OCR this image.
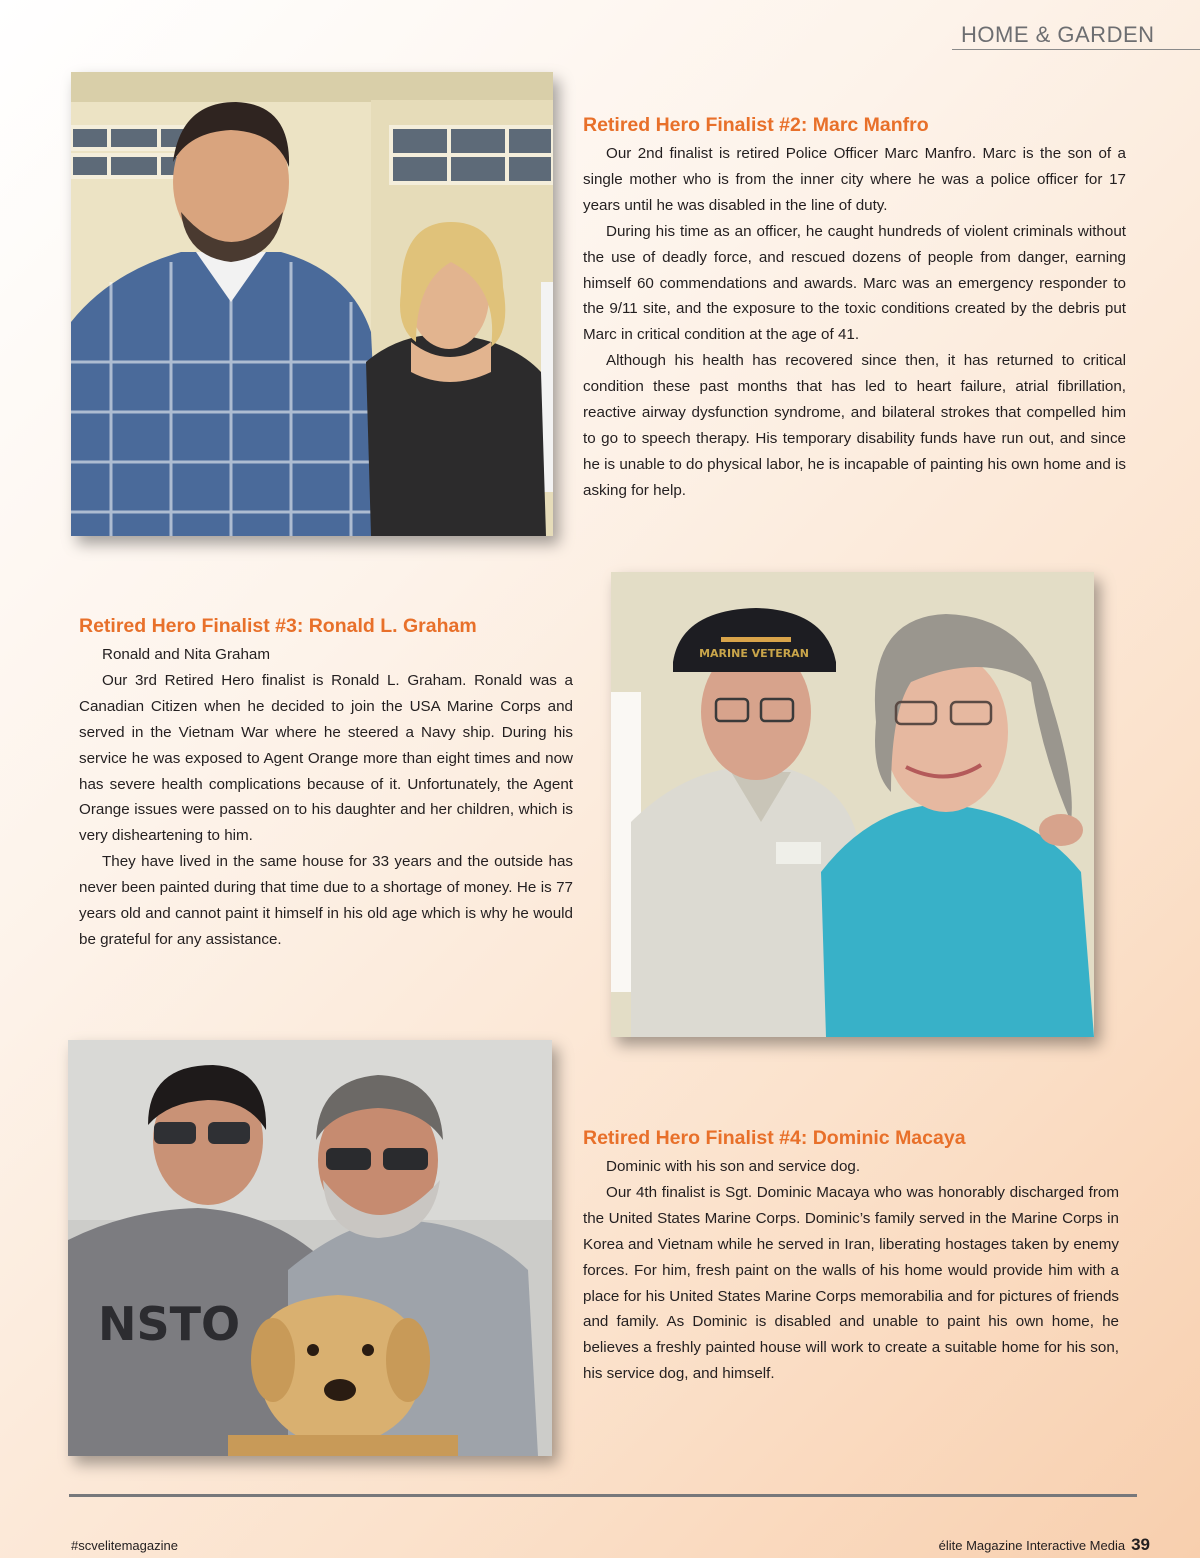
HOME & GARDEN
Retired Hero Finalist #2: Marc Manfro

Our 2nd finalist is retired Police Officer Marc Manfro. Marc is the son of a single mother who is from the inner city where he was a police officer for 17 years until he was disabled in the line of duty.

During his time as an officer, he caught hundreds of violent criminals without the use of deadly force, and rescued dozens of people from danger, earning himself 60 commendations and awards. Marc was an emergency responder to the 9/11 site, and the exposure to the toxic conditions created by the debris put Marc in critical condition at the age of 41.

Although his health has recovered since then, it has returned to critical condition these past months that has led to heart failure, atrial fibrillation, reactive airway dysfunction syndrome, and bilateral strokes that compelled him to go to speech therapy. His temporary disability funds have run out, and since he is unable to do physical labor, he is incapable of painting his own home and is asking for help.

MARINE VETERAN
Retired Hero Finalist #3: Ronald L. Graham

Ronald and Nita Graham

Our 3rd Retired Hero finalist is Ronald L. Graham. Ronald was a Canadian Citizen when he decided to join the USA Marine Corps and served in the Vietnam War where he steered a Navy ship. During his service he was exposed to Agent Orange more than eight times and now has severe health complications because of it. Unfortunately, the Agent Orange issues were passed on to his daughter and her children, which is very disheartening to him.

They have lived in the same house for 33 years and the outside has never been painted during that time due to a shortage of money. He is 77 years old and cannot paint it himself in his old age which is why he would be grateful for any assistance.

NSTO
Retired Hero Finalist #4: Dominic Macaya

Dominic with his son and service dog.

Our 4th finalist is Sgt. Dominic Macaya who was honorably discharged from the United States Marine Corps. Dominic’s family served in the Marine Corps in Korea and Vietnam while he served in Iran, liberating hostages taken by enemy forces. For him, fresh paint on the walls of his home would provide him with a place for his United States Marine Corps memorabilia and for pictures of friends and family. As Dominic is disabled and unable to paint his own home, he believes a freshly painted house will work to create a suitable home for his son, his service dog, and himself.

#scvelitemagazine	élite Magazine Interactive Media 39
